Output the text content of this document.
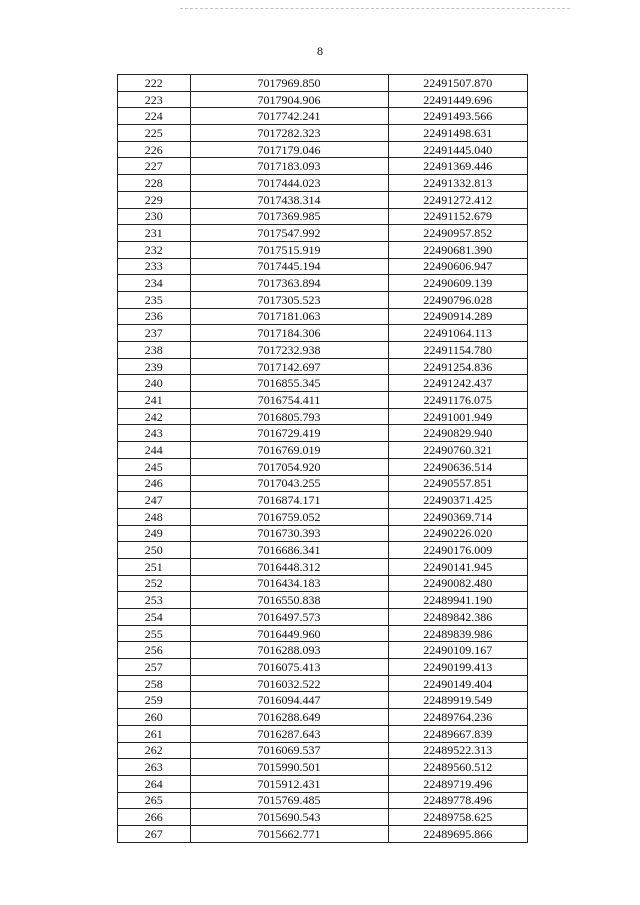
8
222	7017969.850	22491507.870
223	7017904.906	22491449.696
224	7017742.241	22491493.566
225	7017282.323	22491498.631
226	7017179.046	22491445.040
227	7017183.093	22491369.446
228	7017444.023	22491332.813
229	7017438.314	22491272.412
230	7017369.985	22491152.679
231	7017547.992	22490957.852
232	7017515.919	22490681.390
233	7017445.194	22490606.947
234	7017363.894	22490609.139
235	7017305.523	22490796.028
236	7017181.063	22490914.289
237	7017184.306	22491064.113
238	7017232.938	22491154.780
239	7017142.697	22491254.836
240	7016855.345	22491242.437
241	7016754.411	22491176.075
242	7016805.793	22491001.949
243	7016729.419	22490829.940
244	7016769.019	22490760.321
245	7017054.920	22490636.514
246	7017043.255	22490557.851
247	7016874.171	22490371.425
248	7016759.052	22490369.714
249	7016730.393	22490226.020
250	7016686.341	22490176.009
251	7016448.312	22490141.945
252	7016434.183	22490082.480
253	7016550.838	22489941.190
254	7016497.573	22489842.386
255	7016449.960	22489839.986
256	7016288.093	22490109.167
257	7016075.413	22490199.413
258	7016032.522	22490149.404
259	7016094.447	22489919.549
260	7016288.649	22489764.236
261	7016287.643	22489667.839
262	7016069.537	22489522.313
263	7015990.501	22489560.512
264	7015912.431	22489719.496
265	7015769.485	22489778.496
266	7015690.543	22489758.625
267	7015662.771	22489695.866
